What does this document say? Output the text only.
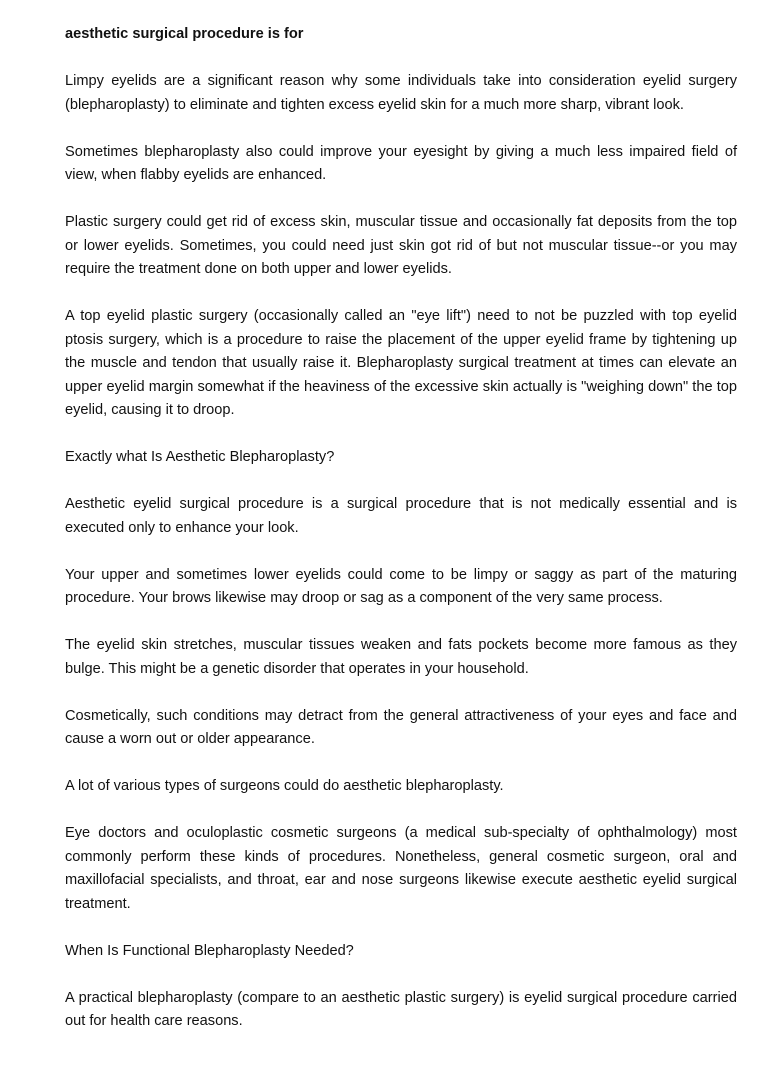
aesthetic surgical procedure is for

Limpy eyelids are a significant reason why some individuals take into consideration eyelid surgery (blepharoplasty) to eliminate and tighten excess eyelid skin for a much more sharp, vibrant look.

Sometimes blepharoplasty also could improve your eyesight by giving a much less impaired field of view, when flabby eyelids are enhanced.

Plastic surgery could get rid of excess skin, muscular tissue and occasionally fat deposits from the top or lower eyelids. Sometimes, you could need just skin got rid of but not muscular tissue--or you may require the treatment done on both upper and lower eyelids.

A top eyelid plastic surgery (occasionally called an "eye lift") need to not be puzzled with top eyelid ptosis surgery, which is a procedure to raise the placement of the upper eyelid frame by tightening up the muscle and tendon that usually raise it. Blepharoplasty surgical treatment at times can elevate an upper eyelid margin somewhat if the heaviness of the excessive skin actually is "weighing down" the top eyelid, causing it to droop.

Exactly what Is Aesthetic Blepharoplasty?

Aesthetic eyelid surgical procedure is a surgical procedure that is not medically essential and is executed only to enhance your look.

Your upper and sometimes lower eyelids could come to be limpy or saggy as part of the maturing procedure. Your brows likewise may droop or sag as a component of the very same process.

The eyelid skin stretches, muscular tissues weaken and fats pockets become more famous as they bulge. This might be a genetic disorder that operates in your household.

Cosmetically, such conditions may detract from the general attractiveness of your eyes and face and cause a worn out or older appearance.

A lot of various types of surgeons could do aesthetic blepharoplasty.

Eye doctors and oculoplastic cosmetic surgeons (a medical sub-specialty of ophthalmology) most commonly perform these kinds of procedures. Nonetheless, general cosmetic surgeon, oral and maxillofacial specialists, and throat, ear and nose surgeons likewise execute aesthetic eyelid surgical treatment.

When Is Functional Blepharoplasty Needed?

A practical blepharoplasty (compare to an aesthetic plastic surgery) is eyelid surgical procedure carried out for health care reasons.
